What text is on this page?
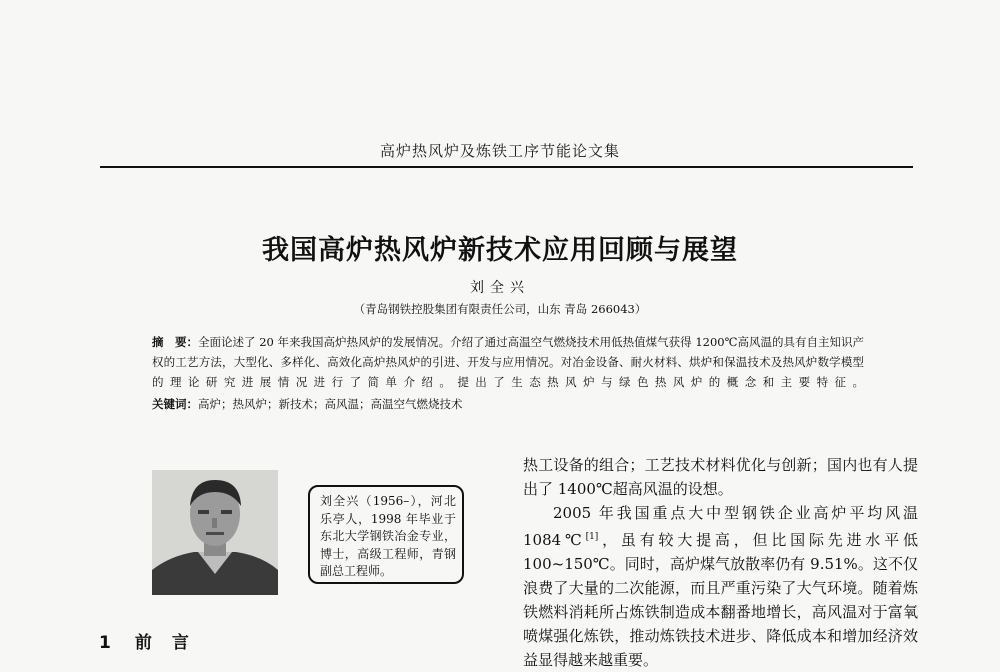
高炉热风炉及炼铁工序节能论文集
我国高炉热风炉新技术应用回顾与展望
刘全兴
（青岛钢铁控股集团有限责任公司，山东 青岛 266043）
摘　要：全面论述了 20 年来我国高炉热风炉的发展情况。介绍了通过高温空气燃烧技术用低热值煤气获得 1200℃高风温的具有自主知识产权的工艺方法，大型化、多样化、高效化高炉热风炉的引进、开发与应用情况。对冶金设备、耐火材料、烘炉和保温技术及热风炉数学模型的理论研究进展情况进行了简单介绍。提出了生态热风炉与绿色热风炉的概念和主要特征。
关键词：高炉；热风炉；新技术；高风温；高温空气燃烧技术
刘全兴（1956–），河北乐亭人，1998 年毕业于东北大学钢铁冶金专业，博士，高级工程师，青钢副总工程师。

热工设备的组合；工艺技术材料优化与创新；国内也有人提出了 1400℃超高风温的设想。

2005 年我国重点大中型钢铁企业高炉平均风温 1084℃[1]，虽有较大提高，但比国际先进水平低 100~150℃。同时，高炉煤气放散率仍有 9.51%。这不仅浪费了大量的二次能源，而且严重污染了大气环境。随着炼铁燃料消耗所占炼铁制造成本翻番地增长，高风温对于富氧喷煤强化炼铁，推动炼铁技术进步、降低成本和增加经济效益显得越来越重要。

1 前 言
